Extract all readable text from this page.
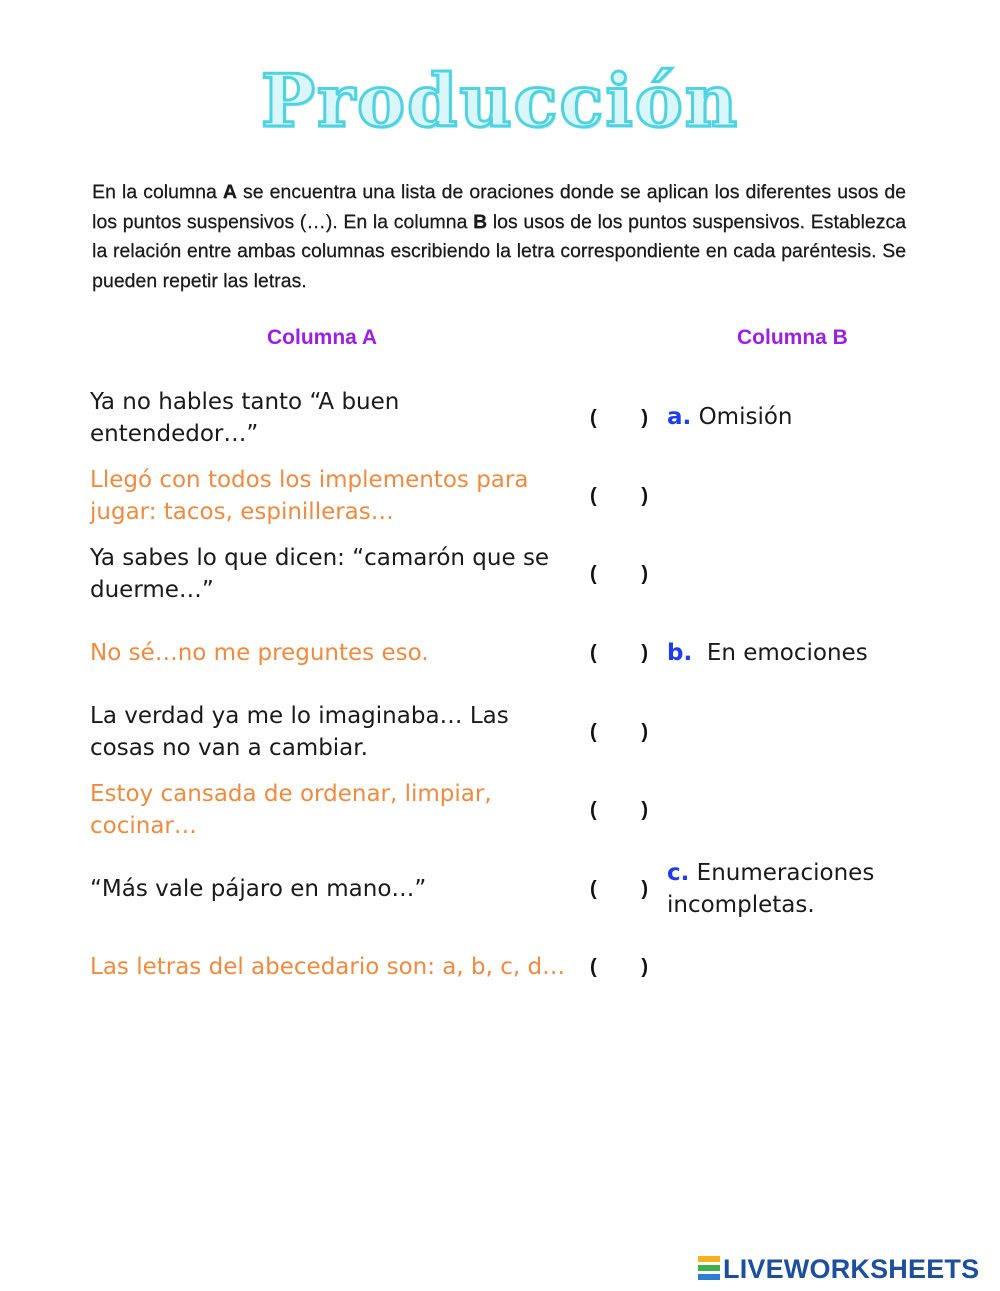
Producción

En la columna A se encuentra una lista de oraciones donde se aplican los diferentes usos de los puntos suspensivos (…). En la columna B los usos de los puntos suspensivos. Establezca la relación entre ambas columnas escribiendo la letra correspondiente en cada paréntesis. Se pueden repetir las letras.

Columna A	Columna B
Ya no hables tanto “A buen entendedor…”
Llegó con todos los implementos para jugar: tacos, espinilleras…
Ya sabes lo que dicen: “camarón que se duerme…”
No sé…no me preguntes eso.
La verdad ya me lo imaginaba… Las cosas no van a cambiar.
Estoy cansada de ordenar, limpiar, cocinar…
“Más vale pájaro en mano…”
Las letras del abecedario son: a, b, c, d…
( )
( )
( )
( )
( )
( )
( )
( )
a. Omisión
b.  En emociones
c. Enumeraciones incompletas.
LIVEWORKSHEETS
